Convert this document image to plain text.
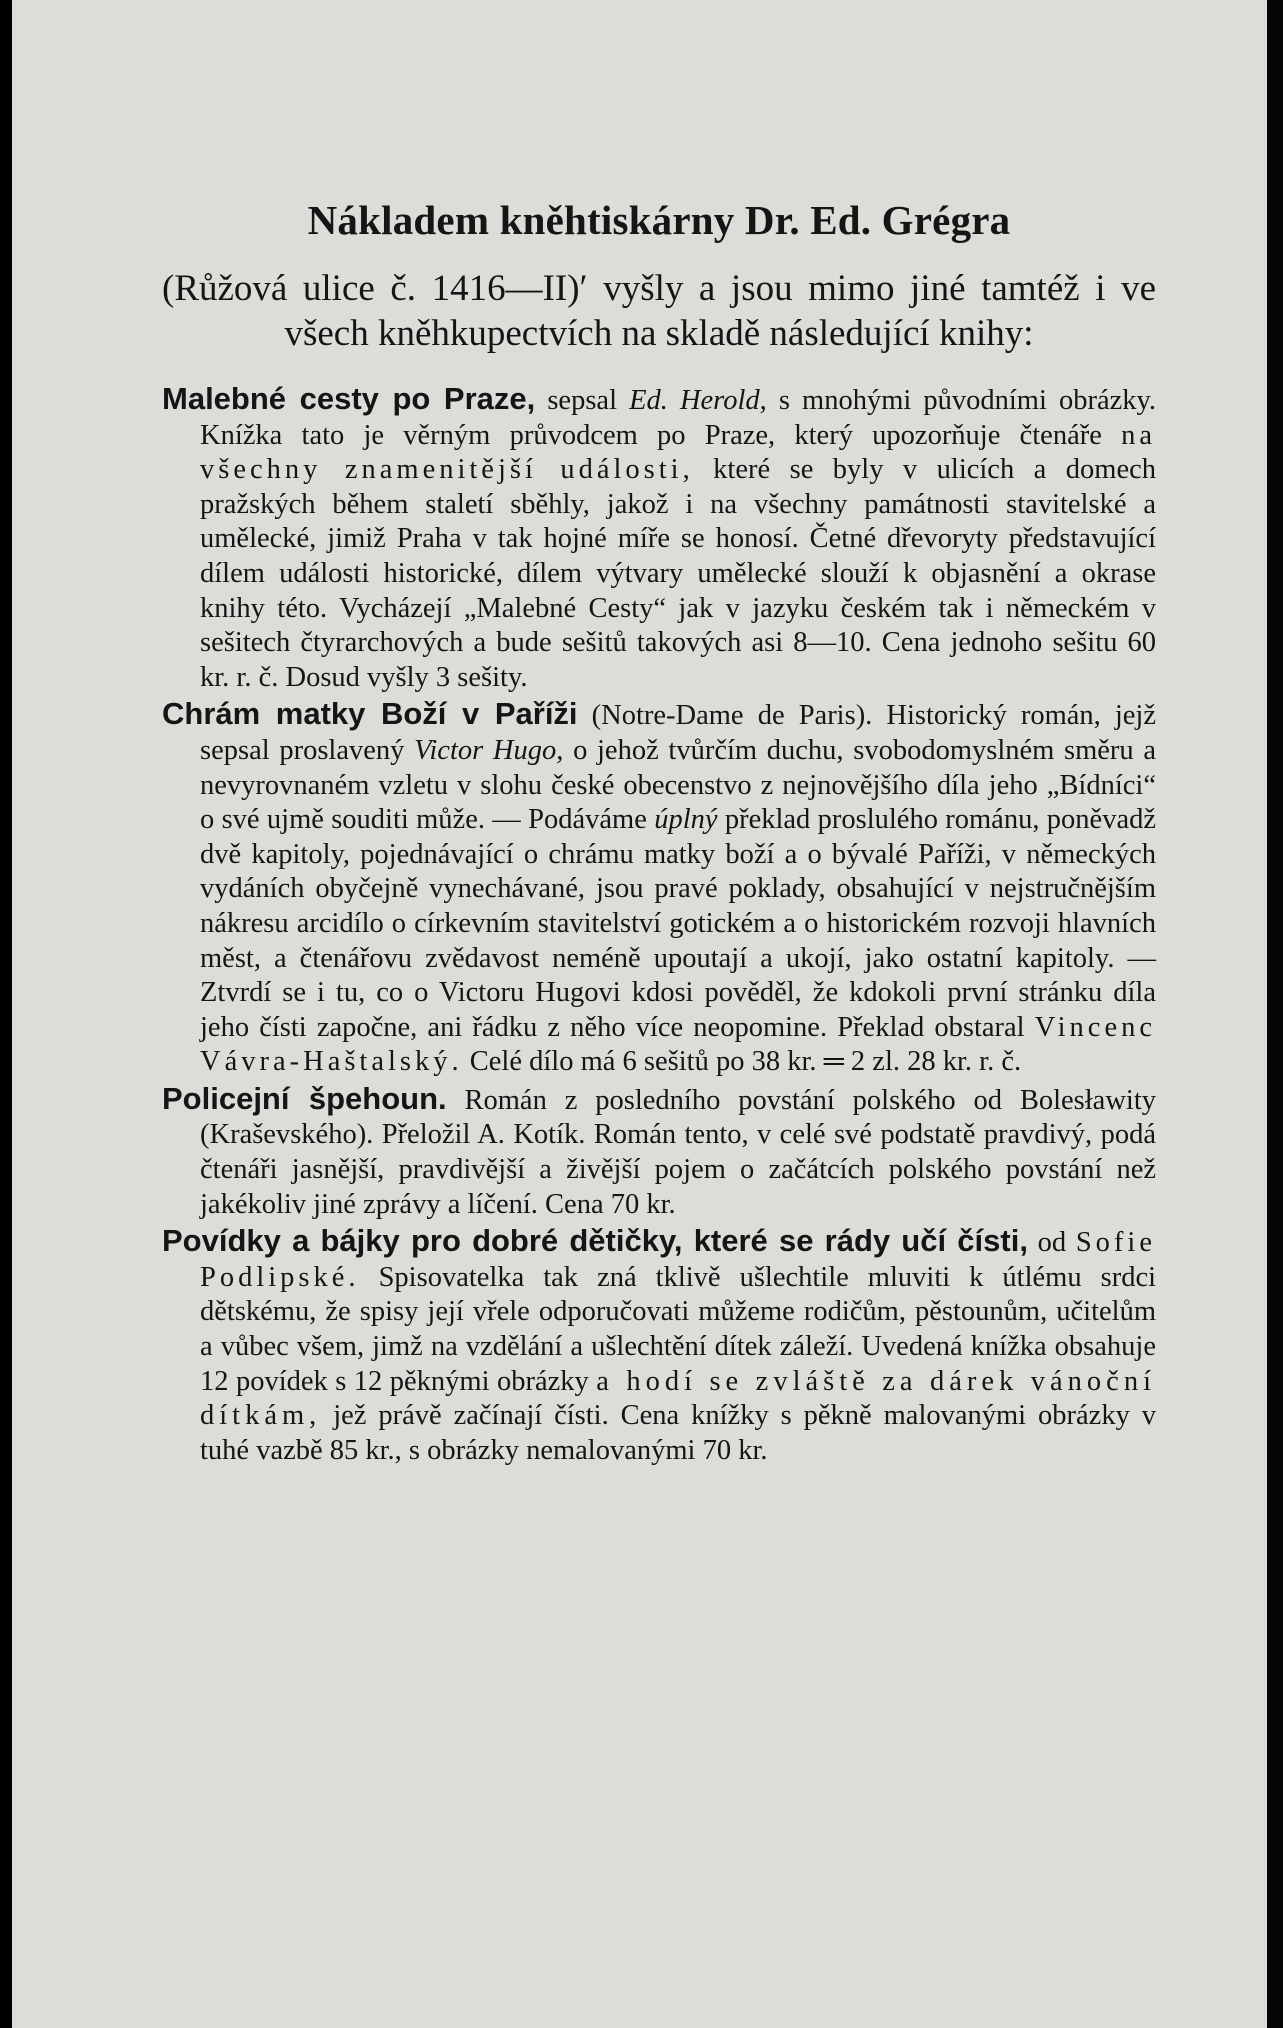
Nákladem kněhtiskárny Dr. Ed. Grégra
(Růžová ulice č. 1416—II)′ vyšly a jsou mimo jiné tamtéž i ve všech kněhkupectvích na skladě následující knihy:
Malebné cesty po Praze, sepsal Ed. Herold, s mnohými původními obrázky. Knížka tato je věrným průvodcem po Praze, který upozorňuje čtenáře na všechny znamenitější události, které se byly v ulicích a domech pražských během staletí sběhly, jakož i na všechny památnosti stavitelské a umělecké, jimiž Praha v tak hojné míře se honosí. Četné dřevoryty představující dílem události historické, dílem výtvary umělecké slouží k objasnění a okrase knihy této. Vycházejí „Malebné Cesty“ jak v jazyku českém tak i německém v sešitech čtyrarchových a bude sešitů takových asi 8—10. Cena jednoho sešitu 60 kr. r. č. Dosud vyšly 3 sešity.
Chrám matky Boží v Paříži (Notre-Dame de Paris). Historický román, jejž sepsal proslavený Victor Hugo, o jehož tvůrčím duchu, svobodomyslném směru a nevyrovnaném vzletu v slohu české obecenstvo z nejnovějšího díla jeho „Bídníci“ o své ujmě souditi může. — Podáváme úplný překlad proslulého románu, poněvadž dvě kapitoly, pojednávající o chrámu matky boží a o bývalé Paříži, v německých vydáních obyčejně vynechávané, jsou pravé poklady, obsahující v nejstručnějším nákresu arcidílo o církevním stavitelství gotickém a o historickém rozvoji hlavních měst, a čtenářovu zvědavost neméně upoutají a ukojí, jako ostatní kapitoly. — Ztvrdí se i tu, co o Victoru Hugovi kdosi pověděl, že kdokoli první stránku díla jeho čísti započne, ani řádku z něho více neopomine. Překlad obstaral Vincenc Vávra-Haštalský. Celé dílo má 6 sešitů po 38 kr. ═ 2 zl. 28 kr. r. č.
Policejní špehoun. Román z posledního povstání polského od Bolesławity (Kraševského). Přeložil A. Kotík. Román tento, v celé své podstatě pravdivý, podá čtenáři jasnější, pravdivější a živější pojem o začátcích polského povstání než jakékoliv jiné zprávy a líčení. Cena 70 kr.
Povídky a bájky pro dobré dětičky, které se rády učí čísti, od Sofie Podlipské. Spisovatelka tak zná tklivě ušlechtile mluviti k útlému srdci dětskému, že spisy její vřele odporučovati můžeme rodičům, pěstounům, učitelům a vůbec všem, jimž na vzdělání a ušlechtění dítek záleží. Uvedená knížka obsahuje 12 povídek s 12 pěknými obrázky a hodí se zvláště za dárek vánoční dítkám, jež právě začínají čísti. Cena knížky s pěkně malovanými obrázky v tuhé vazbě 85 kr., s obrázky nemalovanými 70 kr.
